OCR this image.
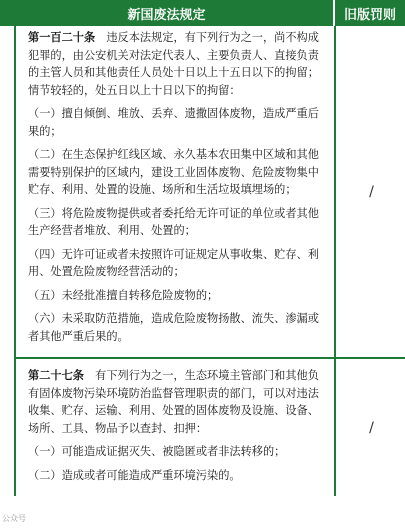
新国废法规定	旧版罚则

第一百二十条　违反本法规定，有下列行为之一，尚不构成犯罪的，由公安机关对法定代表人、主要负责人、直接负责的主管人员和其他责任人员处十日以上十五日以下的拘留；情节较轻的，处五日以上十日以下的拘留：

（一）擅自倾倒、堆放、丢弃、遗撒固体废物，造成严重后果的；

（二）在生态保护红线区域、永久基本农田集中区域和其他需要特别保护的区域内，建设工业固体废物、危险废物集中贮存、利用、处置的设施、场所和生活垃圾填埋场的；

（三）将危险废物提供或者委托给无许可证的单位或者其他生产经营者堆放、利用、处置的；

（四）无许可证或者未按照许可证规定从事收集、贮存、利用、处置危险废物经营活动的；

（五）未经批准擅自转移危险废物的；

（六）未采取防范措施，造成危险废物扬散、流失、渗漏或者其他严重后果的。

/

第二十七条　有下列行为之一，生态环境主管部门和其他负有固体废物污染环境防治监督管理职责的部门，可以对违法收集、贮存、运输、利用、处置的固体废物及设施、设备、场所、工具、物品予以查封、扣押：

（一）可能造成证据灭失、被隐匿或者非法转移的；

（二）造成或者可能造成严重环境污染的。

/
公众号
